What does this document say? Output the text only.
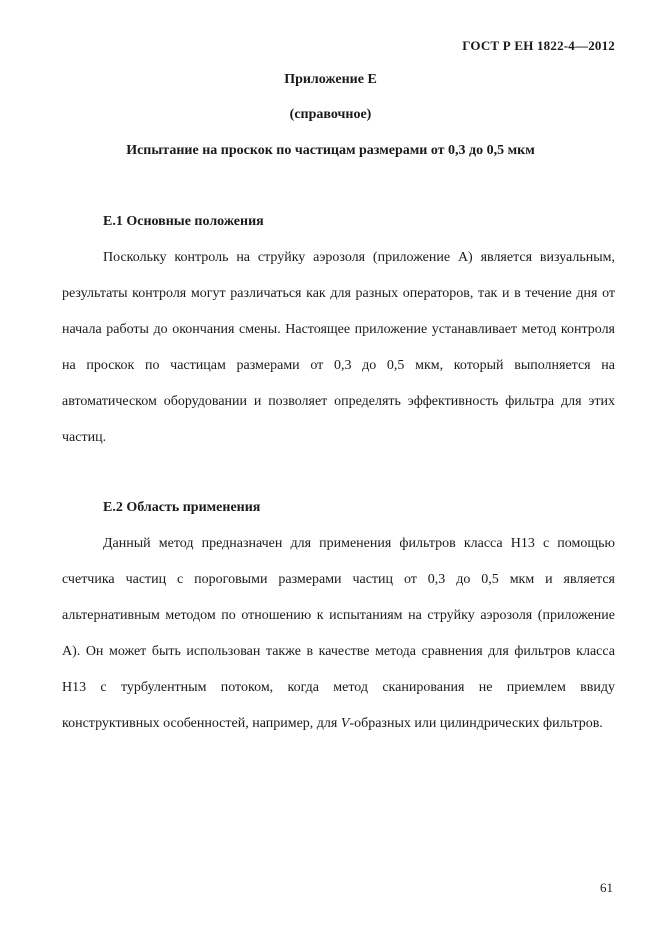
ГОСТ Р ЕН 1822-4—2012
Приложение Е
(справочное)
Испытание на проскок по частицам размерами от 0,3 до 0,5 мкм
Е.1 Основные положения

Поскольку контроль на струйку аэрозоля (приложение А) является визуальным, результаты контроля могут различаться как для разных операторов, так и в течение дня от начала работы до окончания смены. Настоящее приложение устанавливает метод контроля на проскок по частицам размерами от 0,3 до 0,5 мкм, который выполняется на автоматическом оборудовании и позволяет определять эффективность фильтра для этих частиц.

Е.2 Область применения

Данный метод предназначен для применения фильтров класса Н13 с помощью счетчика частиц с пороговыми размерами частиц от 0,3 до 0,5 мкм и является альтернативным методом по отношению к испытаниям на струйку аэрозоля (приложение А). Он может быть использован также в качестве метода сравнения для фильтров класса Н13 с турбулентным потоком, когда метод сканирования не приемлем ввиду конструктивных особенностей, например, для V-образных или цилиндрических фильтров.

61
